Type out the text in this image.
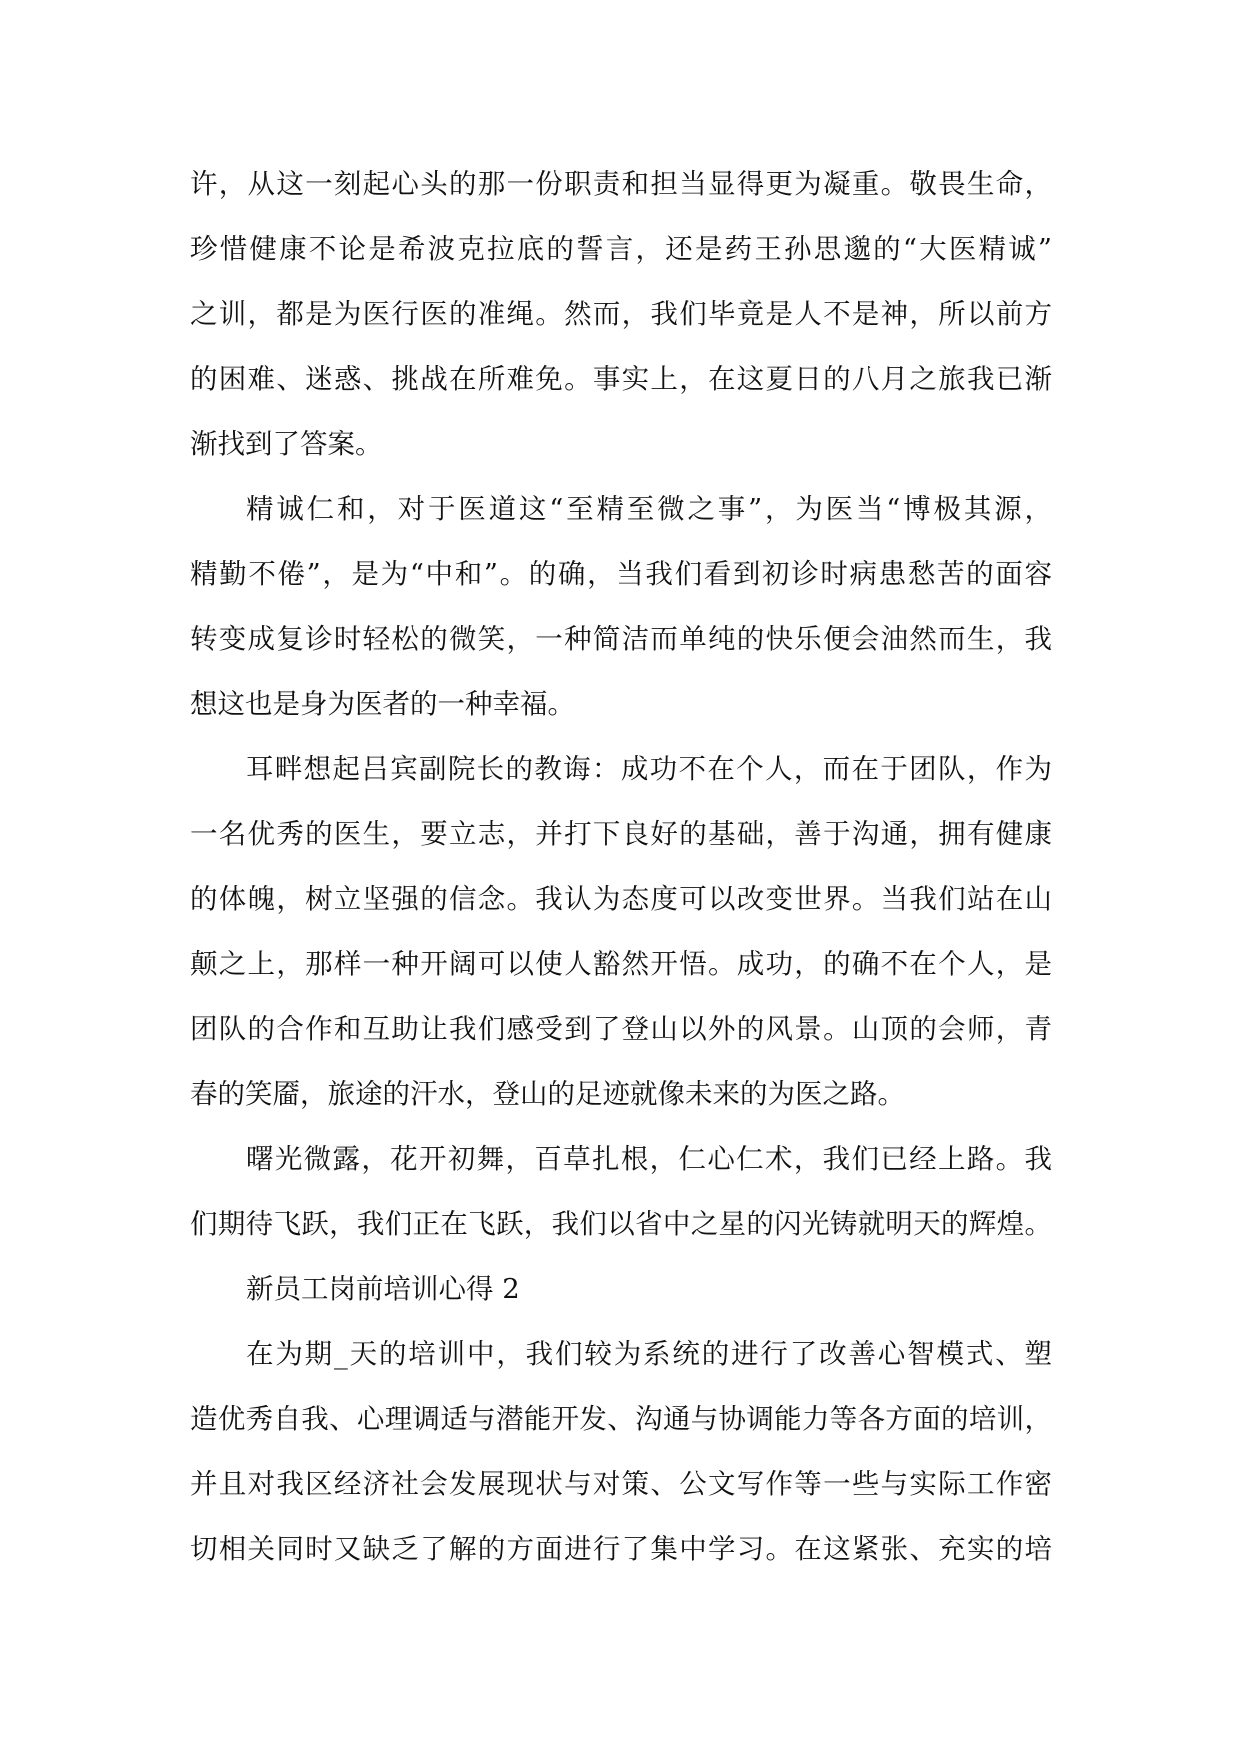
许，从这一刻起心头的那一份职责和担当显得更为凝重。敬畏生命，
珍惜健康不论是希波克拉底的誓言，还是药王孙思邈的“大医精诚”
之训，都是为医行医的准绳。然而，我们毕竟是人不是神，所以前方
的困难、迷惑、挑战在所难免。事实上，在这夏日的八月之旅我已渐
渐找到了答案。
精诚仁和，对于医道这“至精至微之事”，为医当“博极其源，
精勤不倦”，是为“中和”。的确，当我们看到初诊时病患愁苦的面容
转变成复诊时轻松的微笑，一种简洁而单纯的快乐便会油然而生，我
想这也是身为医者的一种幸福。
耳畔想起吕宾副院长的教诲：成功不在个人，而在于团队，作为
一名优秀的医生，要立志，并打下良好的基础，善于沟通，拥有健康
的体魄，树立坚强的信念。我认为态度可以改变世界。当我们站在山
颠之上，那样一种开阔可以使人豁然开悟。成功，的确不在个人，是
团队的合作和互助让我们感受到了登山以外的风景。山顶的会师，青
春的笑靥，旅途的汗水，登山的足迹就像未来的为医之路。
曙光微露，花开初舞，百草扎根，仁心仁术，我们已经上路。我
们期待飞跃，我们正在飞跃，我们以省中之星的闪光铸就明天的辉煌。
新员工岗前培训心得 2
在为期_天的培训中，我们较为系统的进行了改善心智模式、塑
造优秀自我、心理调适与潜能开发、沟通与协调能力等各方面的培训，
并且对我区经济社会发展现状与对策、公文写作等一些与实际工作密
切相关同时又缺乏了解的方面进行了集中学习。在这紧张、充实的培
